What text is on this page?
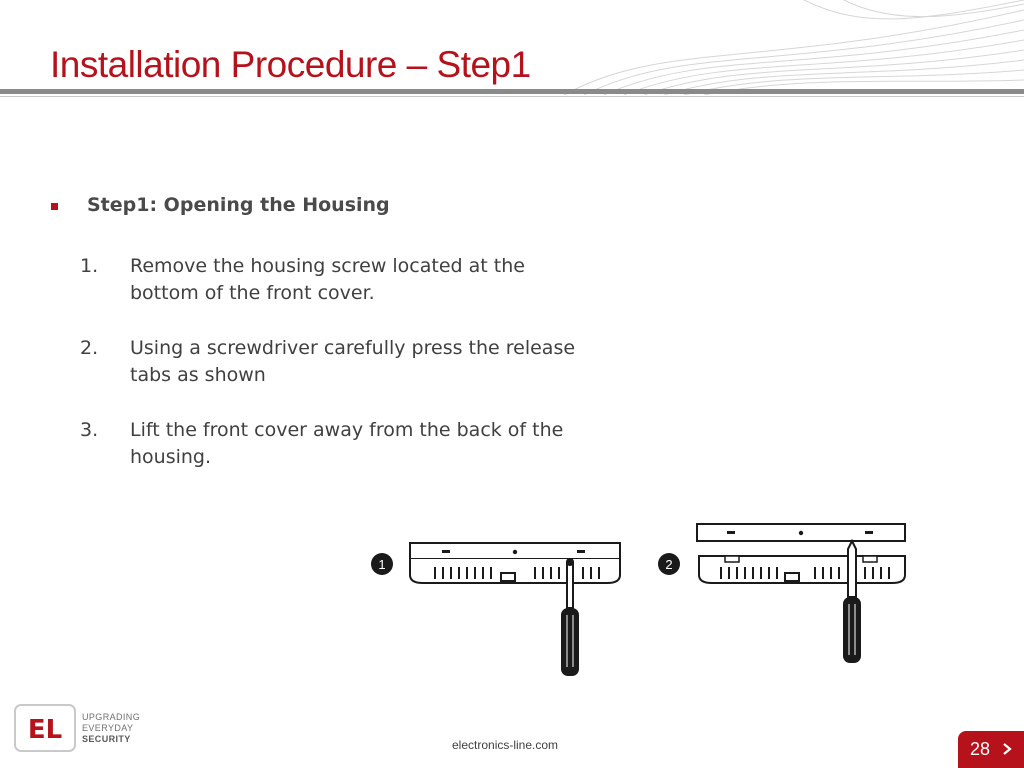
Installation Procedure – Step1
Step1: Opening the Housing
1.	Remove the housing screw located at the bottom of the front cover.
2.	Using a screwdriver carefully press the release tabs as shown
3.	Lift the front cover away from the back of the housing.
1	2
EL UPGRADING
EVERYDAY
SECURITY	electronics-line.com	28
